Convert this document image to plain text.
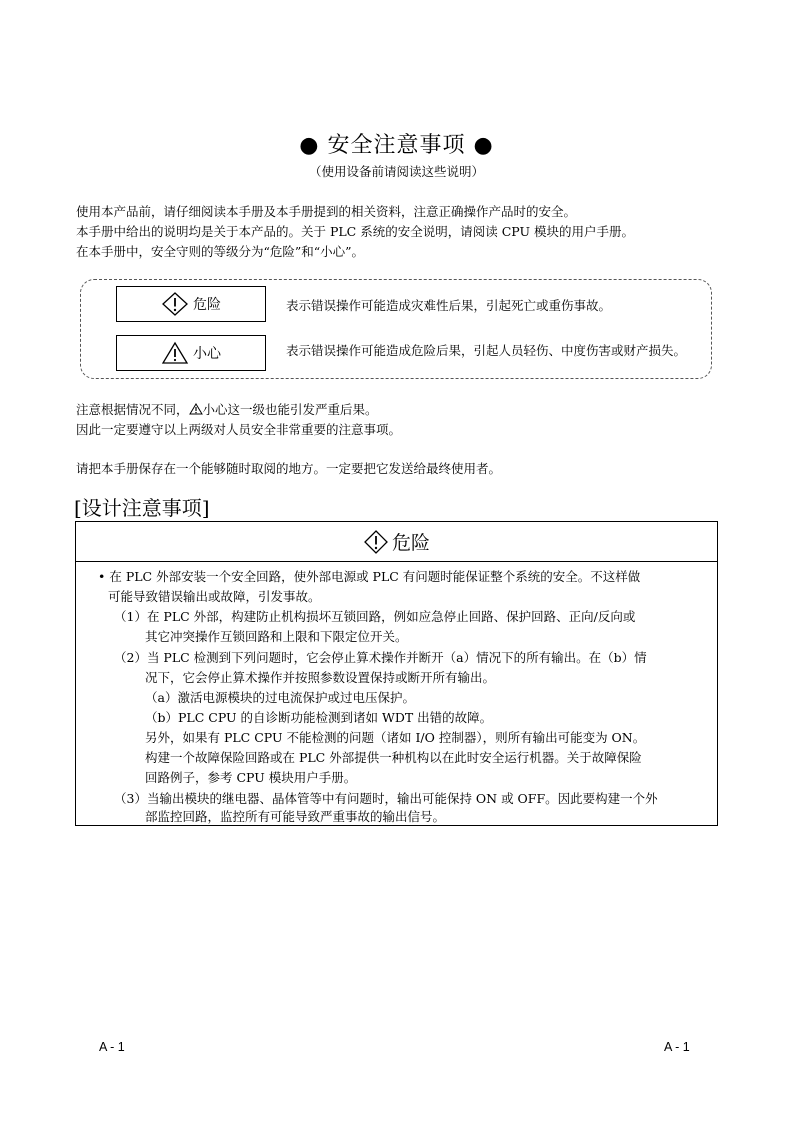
● 安全注意事项 ●
（使用设备前请阅读这些说明）
使用本产品前，请仔细阅读本手册及本手册提到的相关资料，注意正确操作产品时的安全。
本手册中给出的说明均是关于本产品的。关于 PLC 系统的安全说明，请阅读 CPU 模块的用户手册。
在本手册中，安全守则的等级分为“危险”和“小心”。
危险	表示错误操作可能造成灾难性后果，引起死亡或重伤事故。
小心	表示错误操作可能造成危险后果，引起人员轻伤、中度伤害或财产损失。
注意根据情况不同， 小心这一级也能引发严重后果。
因此一定要遵守以上两级对人员安全非常重要的注意事项。
请把本手册保存在一个能够随时取阅的地方。一定要把它发送给最终使用者。
[设计注意事项]
危险
• 在 PLC 外部安装一个安全回路，使外部电源或 PLC 有问题时能保证整个系统的安全。不这样做
可能导致错误输出或故障，引发事故。
（1）在 PLC 外部，构建防止机构损坏互锁回路，例如应急停止回路、保护回路、正向/反向或
其它冲突操作互锁回路和上限和下限定位开关。
（2）当 PLC 检测到下列问题时，它会停止算术操作并断开（a）情况下的所有输出。在（b）情
况下，它会停止算术操作并按照参数设置保持或断开所有输出。
（a）激活电源模块的过电流保护或过电压保护。
（b）PLC CPU 的自诊断功能检测到诸如 WDT 出错的故障。
另外，如果有 PLC CPU 不能检测的问题（诸如 I/O 控制器），则所有输出可能变为 ON。
构建一个故障保险回路或在 PLC 外部提供一种机构以在此时安全运行机器。关于故障保险
回路例子，参考 CPU 模块用户手册。
（3）当输出模块的继电器、晶体管等中有问题时，输出可能保持 ON 或 OFF。因此要构建一个外
部监控回路，监控所有可能导致严重事故的输出信号。
A - 1	A - 1
